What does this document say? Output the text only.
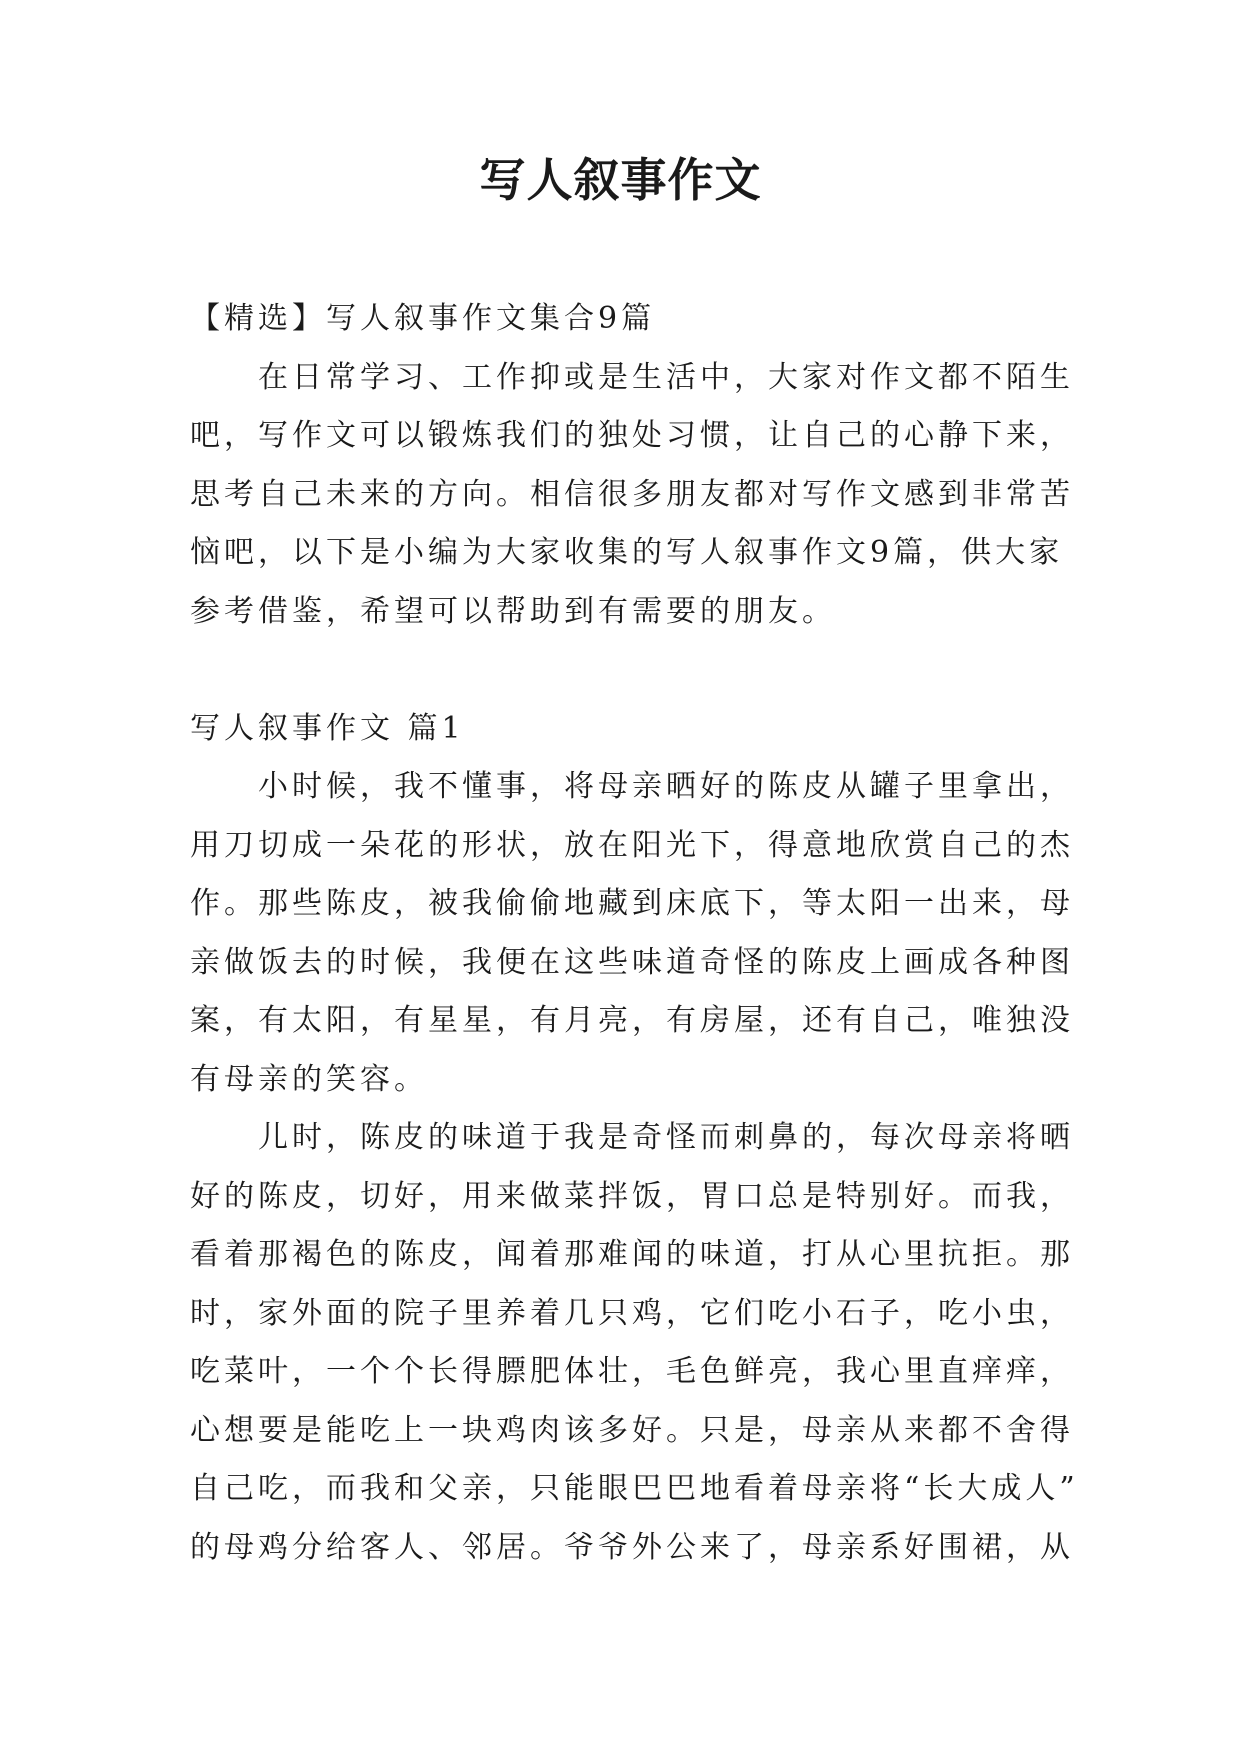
写人叙事作文

【精选】写人叙事作文集合9篇

在日常学习、工作抑或是生活中，大家对作文都不陌生

吧，写作文可以锻炼我们的独处习惯，让自己的心静下来，

思考自己未来的方向。相信很多朋友都对写作文感到非常苦

恼吧，以下是小编为大家收集的写人叙事作文9篇，供大家

参考借鉴，希望可以帮助到有需要的朋友。

写人叙事作文 篇1

小时候，我不懂事，将母亲晒好的陈皮从罐子里拿出，

用刀切成一朵花的形状，放在阳光下，得意地欣赏自己的杰

作。那些陈皮，被我偷偷地藏到床底下，等太阳一出来，母

亲做饭去的时候，我便在这些味道奇怪的陈皮上画成各种图

案，有太阳，有星星，有月亮，有房屋，还有自己，唯独没

有母亲的笑容。

儿时，陈皮的味道于我是奇怪而刺鼻的，每次母亲将晒

好的陈皮，切好，用来做菜拌饭，胃口总是特别好。而我，

看着那褐色的陈皮，闻着那难闻的味道，打从心里抗拒。那

时，家外面的院子里养着几只鸡，它们吃小石子，吃小虫，

吃菜叶，一个个长得膘肥体壮，毛色鲜亮，我心里直痒痒，

心想要是能吃上一块鸡肉该多好。只是，母亲从来都不舍得

自己吃，而我和父亲，只能眼巴巴地看着母亲将“长大成人”

的母鸡分给客人、邻居。爷爷外公来了，母亲系好围裙，从
